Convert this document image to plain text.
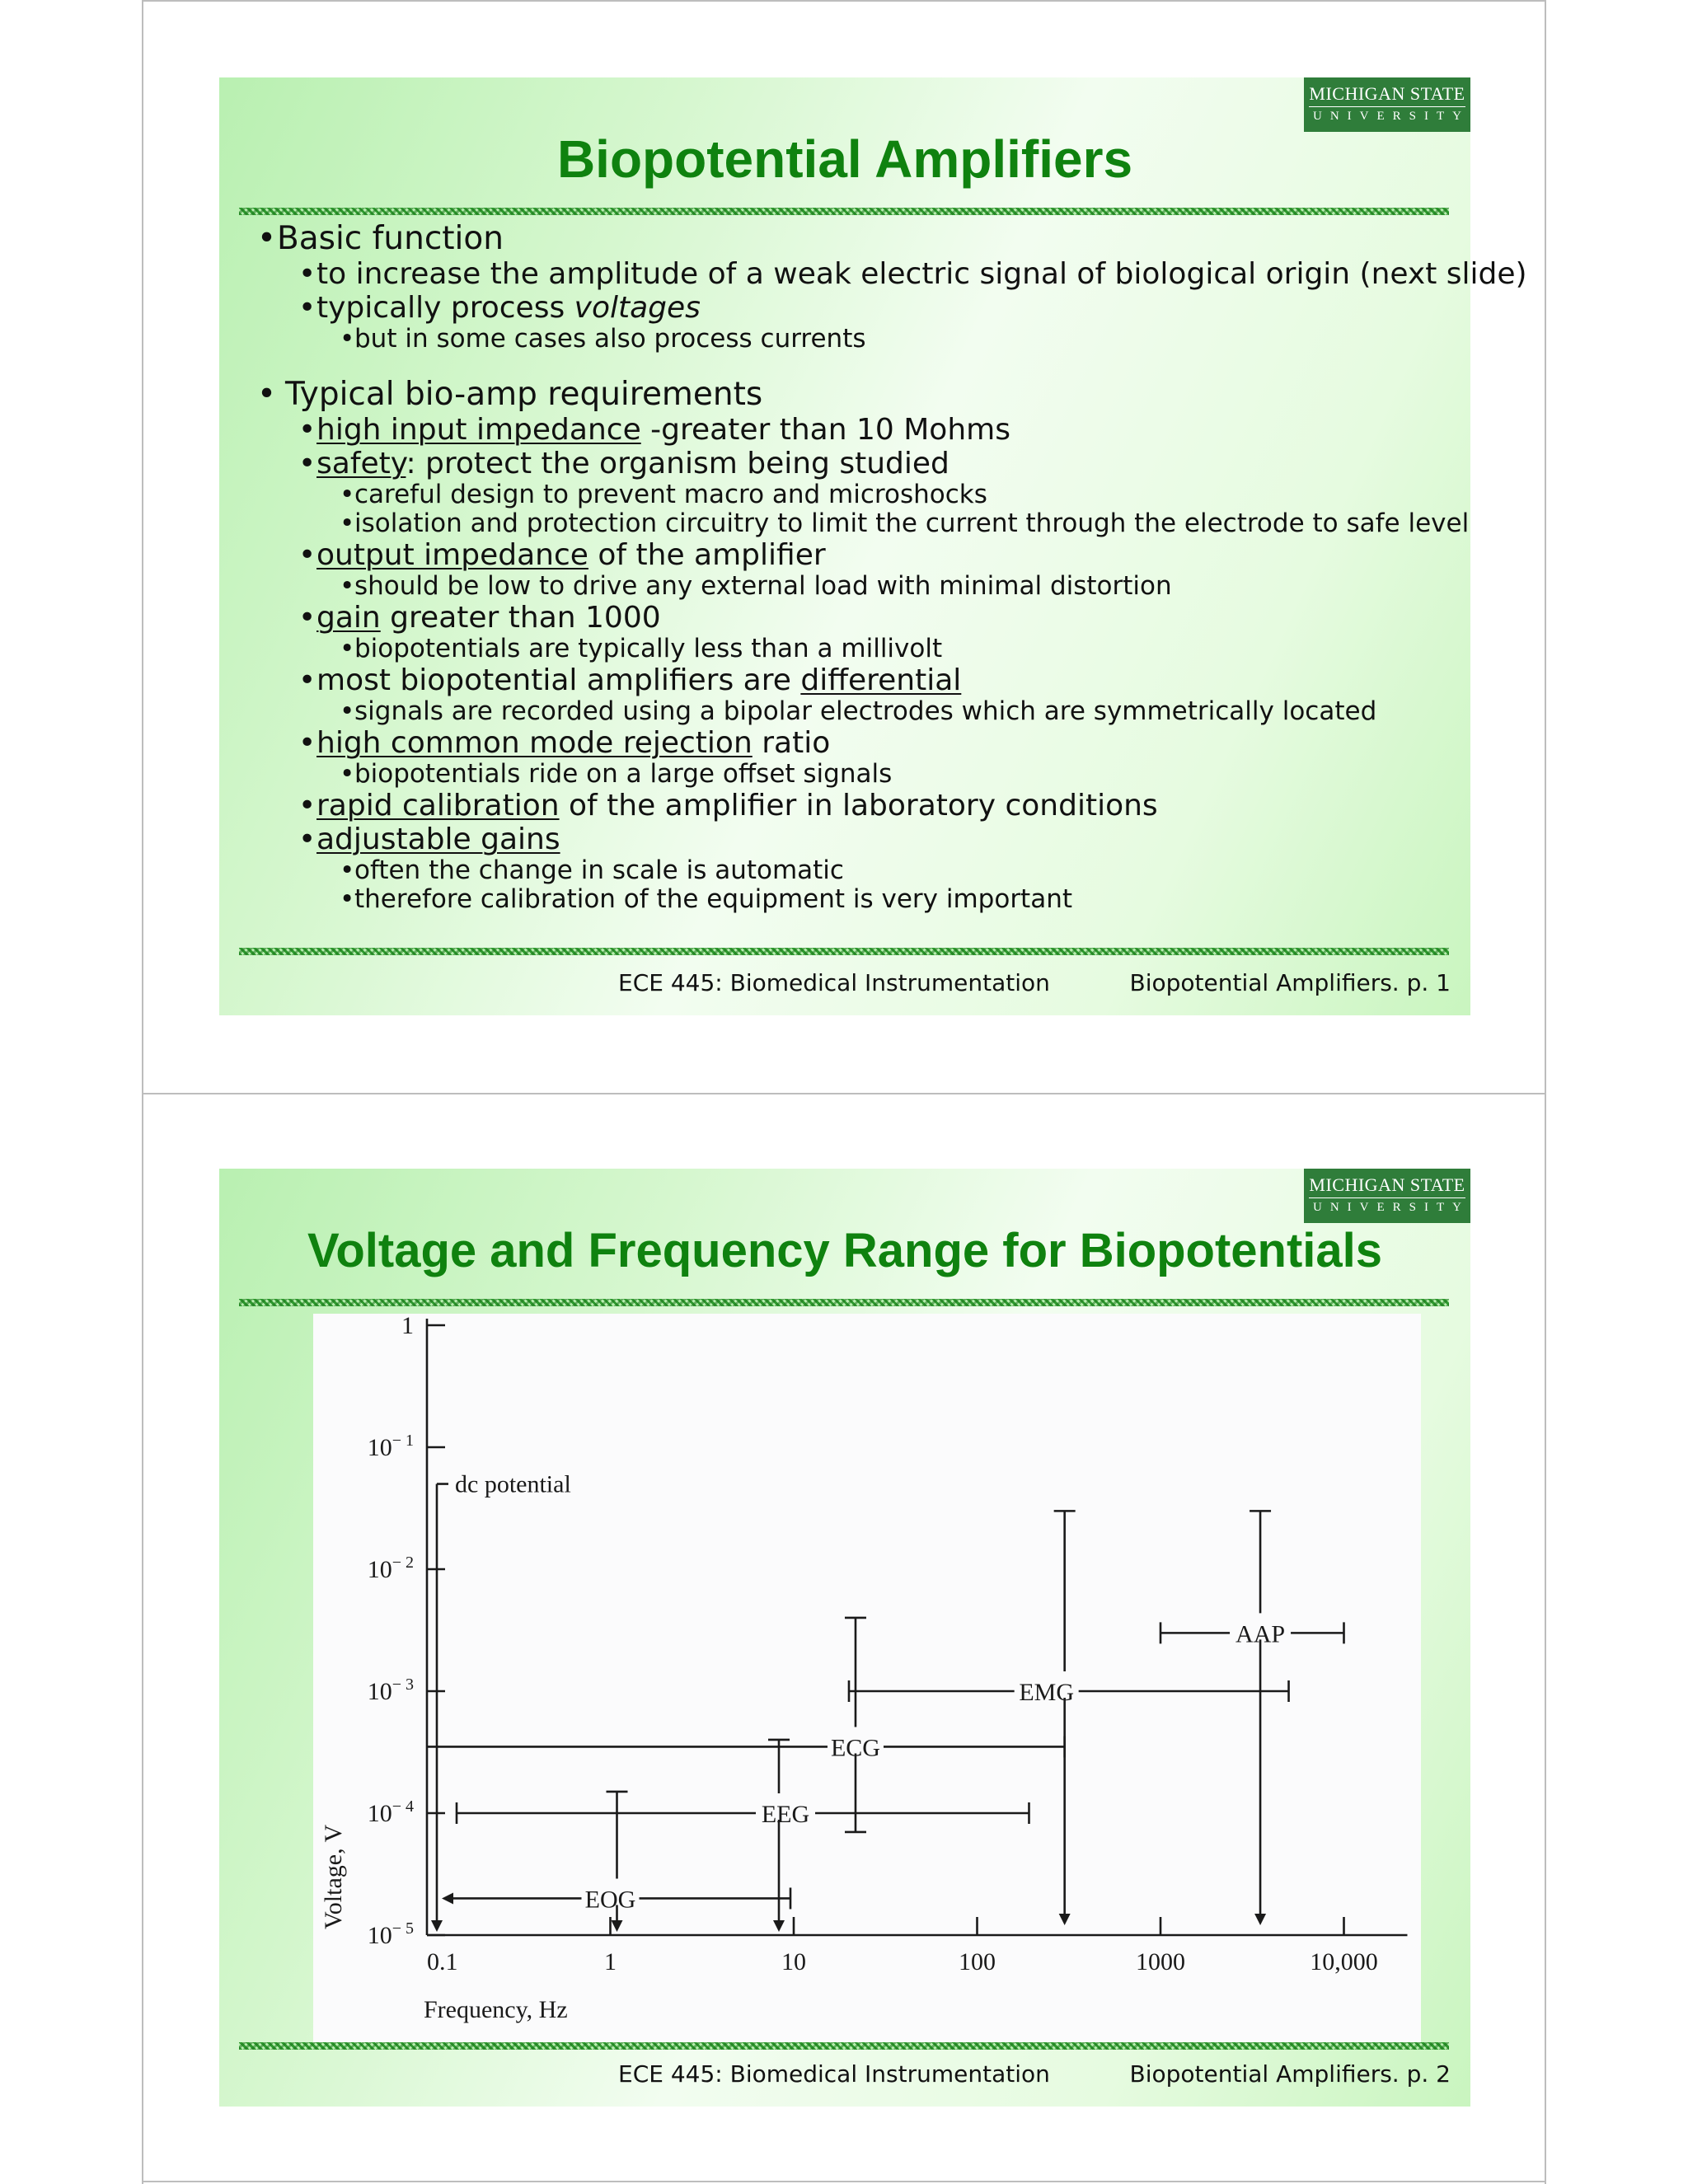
MICHIGAN STATE
UNIVERSITY
Biopotential Amplifiers
• Basic function
• to increase the amplitude of a weak electric signal of biological origin (next slide)
• typically process voltages
• but in some cases also process currents
• Typical bio-amp requirements
• high input impedance -greater than 10 Mohms
• safety: protect the organism being studied
• careful design to prevent macro and microshocks
• isolation and protection circuitry to limit the current through the electrode to safe level
• output impedance of the amplifier
• should be low to drive any external load with minimal distortion
• gain greater than 1000
• biopotentials are typically less than a millivolt
• most biopotential amplifiers are differential
• signals are recorded using a bipolar electrodes which are symmetrically located
• high common mode rejection ratio
• biopotentials ride on a large offset signals
• rapid calibration of the amplifier in laboratory conditions
• adjustable gains
• often the change in scale is automatic
• therefore calibration of the equipment is very important
ECE 445: Biomedical Instrumentation	Biopotential Amplifiers. p. 1
MICHIGAN STATE
UNIVERSITY
Voltage and Frequency Range for Biopotentials
1
$10^{- 1}$
$10^{- 2}$
$10^{- 3}$
$10^{- 4}$
$10^{- 5}$
0.1	1	10	100	1000	10,000
Frequency, Hz
Voltage, V
dc potential
EOG
EEG
ECG
EMG
AAP
ECE 445: Biomedical Instrumentation	Biopotential Amplifiers. p. 2
